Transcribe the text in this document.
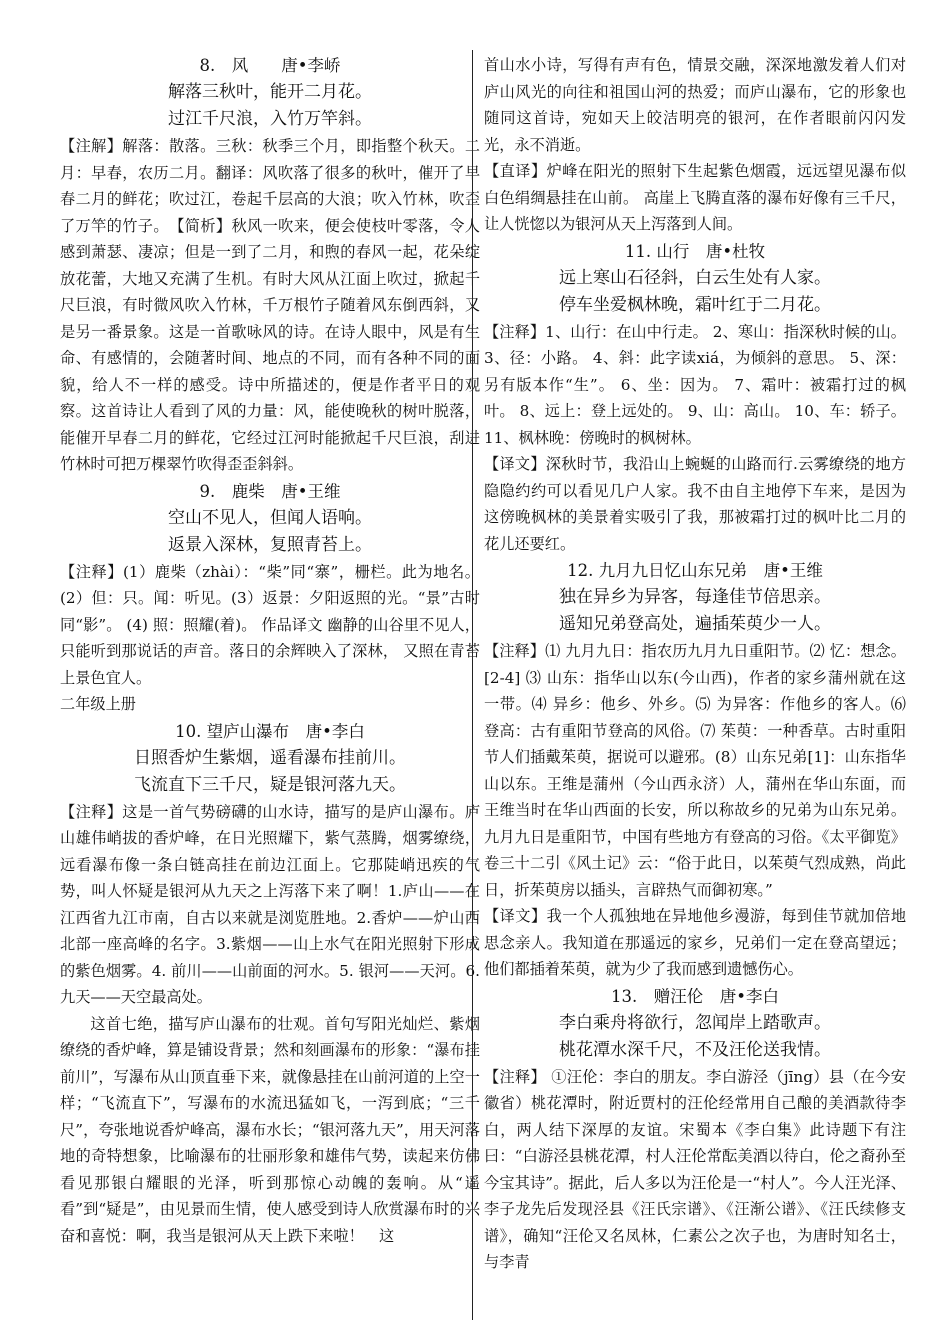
8.　风　　唐•李峤
解落三秋叶，能开二月花。
过江千尺浪，入竹万竿斜。
【注解】解落：散落。三秋：秋季三个月，即指整个秋天。二月：早春，农历二月。翻译：风吹落了很多的秋叶，催开了早春二月的鲜花；吹过江，卷起千层高的大浪；吹入竹林，吹歪了万竿的竹子。　【简析】秋风一吹来，便会使枝叶零落，令人感到萧瑟、凄凉；但是一到了二月，和煦的春风一起，花朵绽放花蕾，大地又充满了生机。有时大风从江面上吹过，掀起千尺巨浪，有时微风吹入竹林，千万根竹子随着风东倒西斜，又是另一番景象。这是一首歌咏风的诗。在诗人眼中，风是有生命、有感情的，会随著时间、地点的不同，而有各种不同的面貌，给人不一样的感受。诗中所描述的，便是作者平日的观察。这首诗让人看到了风的力量：风，能使晚秋的树叶脱落，能催开早春二月的鲜花，它经过江河时能掀起千尺巨浪，刮进竹林时可把万棵翠竹吹得歪歪斜斜。
9.　鹿柴　唐•王维
空山不见人，但闻人语响。
返景入深林，复照青苔上。
【注释】(1）鹿柴（zhài）：“柴”同“寨”，栅栏。此为地名。(2）但：只。闻：听见。(3）返景：夕阳返照的光。“景”古时同“影”。 (4) 照：照耀(着)。 作品译文 幽静的山谷里不见人， 只能听到那说话的声音。落日的余辉映入了深林， 又照在青苔上景色宜人。
二年级上册
10. 望庐山瀑布　唐•李白
日照香炉生紫烟，遥看瀑布挂前川。
飞流直下三千尺，疑是银河落九天。
【注释】这是一首气势磅礴的山水诗，描写的是庐山瀑布。庐山雄伟峭拔的香炉峰，在日光照耀下，紫气蒸腾，烟雾缭绕，远看瀑布像一条白链高挂在前边江面上。它那陡峭迅疾的气势，叫人怀疑是银河从九天之上泻落下来了啊！1.庐山——在江西省九江市南，自古以来就是浏览胜地。2.香炉——炉山西北部一座高峰的名字。3.紫烟——山上水气在阳光照射下形成的紫色烟雾。4. 前川——山前面的河水。5. 银河——天河。6.九天——天空最高处。
这首七绝，描写庐山瀑布的壮观。首句写阳光灿烂、紫烟缭绕的香炉峰，算是铺设背景；然和刻画瀑布的形象：“瀑布挂前川”，写瀑布从山顶直垂下来，就像悬挂在山前河道的上空一样；“飞流直下”，写瀑布的水流迅猛如飞，一泻到底；“三千尺”，夸张地说香炉峰高，瀑布水长；“银河落九天”，用天河落地的奇特想象，比喻瀑布的壮丽形象和雄伟气势，读起来仿佛看见那银白耀眼的光泽，听到那惊心动魄的轰响。从“遥看”到“疑是”，由见景而生情，使人感受到诗人欣赏瀑布时的兴奋和喜悦：啊，我当是银河从天上跌下来啦！　这
首山水小诗，写得有声有色，情景交融，深深地激发着人们对庐山风光的向往和祖国山河的热爱；而庐山瀑布，它的形象也随同这首诗，宛如天上皎洁明亮的银河，在作者眼前闪闪发光，永不消逝。
【直译】炉峰在阳光的照射下生起紫色烟霞，远远望见瀑布似白色绢绸悬挂在山前。 高崖上飞腾直落的瀑布好像有三千尺，让人恍惚以为银河从天上泻落到人间。
11. 山行　唐•杜牧
远上寒山石径斜，白云生处有人家。
停车坐爱枫林晚，霜叶红于二月花。
【注释】1、山行：在山中行走。 2、寒山：指深秋时候的山。 3、径：小路。 4、斜：此字读xiá，为倾斜的意思。 5、深：另有版本作“生”。 6、坐：因为。 7、霜叶：被霜打过的枫叶。 8、远上：登上远处的。 9、山：高山。 10、车：轿子。 11、枫林晚：傍晚时的枫树林。
【译文】深秋时节，我沿山上蜿蜒的山路而行.云雾缭绕的地方隐隐约约可以看见几户人家。我不由自主地停下车来，是因为这傍晚枫林的美景着实吸引了我，那被霜打过的枫叶比二月的花儿还要红。
12. 九月九日忆山东兄弟　唐•王维
独在异乡为异客，每逢佳节倍思亲。
遥知兄弟登高处，遍插茱萸少一人。
【注释】⑴ 九月九日：指农历九月九日重阳节。⑵ 忆：想念。[2-4] ⑶ 山东：指华山以东(今山西)，作者的家乡蒲州就在这一带。⑷ 异乡：他乡、外乡。⑸ 为异客：作他乡的客人。⑹ 登高：古有重阳节登高的风俗。⑺ 茱萸：一种香草。古时重阳节人们插戴茱萸，据说可以避邪。(8）山东兄弟[1]：山东指华山以东。王维是蒲州（今山西永济）人，蒲州在华山东面，而王维当时在华山西面的长安，所以称故乡的兄弟为山东兄弟。九月九日是重阳节，中国有些地方有登高的习俗。《太平御览》卷三十二引《风土记》云：“俗于此日，以茱萸气烈成熟，尚此日，折茱萸房以插头，言辟热气而御初寒。”
【译文】我一个人孤独地在异地他乡漫游，每到佳节就加倍地思念亲人。我知道在那遥远的家乡，兄弟们一定在登高望远；他们都插着茱萸，就为少了我而感到遗憾伤心。
13.　赠汪伦　唐•李白
李白乘舟将欲行，忽闻岸上踏歌声。
桃花潭水深千尺，不及汪伦送我情。
【注释】 ①汪伦：李白的朋友。李白游泾（jīng）县（在今安徽省）桃花潭时，附近贾村的汪伦经常用自己酿的美酒款待李白，两人结下深厚的友谊。宋蜀本《李白集》此诗题下有注曰：“白游泾县桃花潭，村人汪伦常酝美酒以待白，伦之裔孙至今宝其诗”。据此，后人多以为汪伦是一“村人”。今人汪光泽、李子龙先后发现泾县《汪氏宗谱》、《汪渐公谱》、《汪氏续修支谱》，确知“汪伦又名凤林，仁素公之次子也，为唐时知名士，与李青
